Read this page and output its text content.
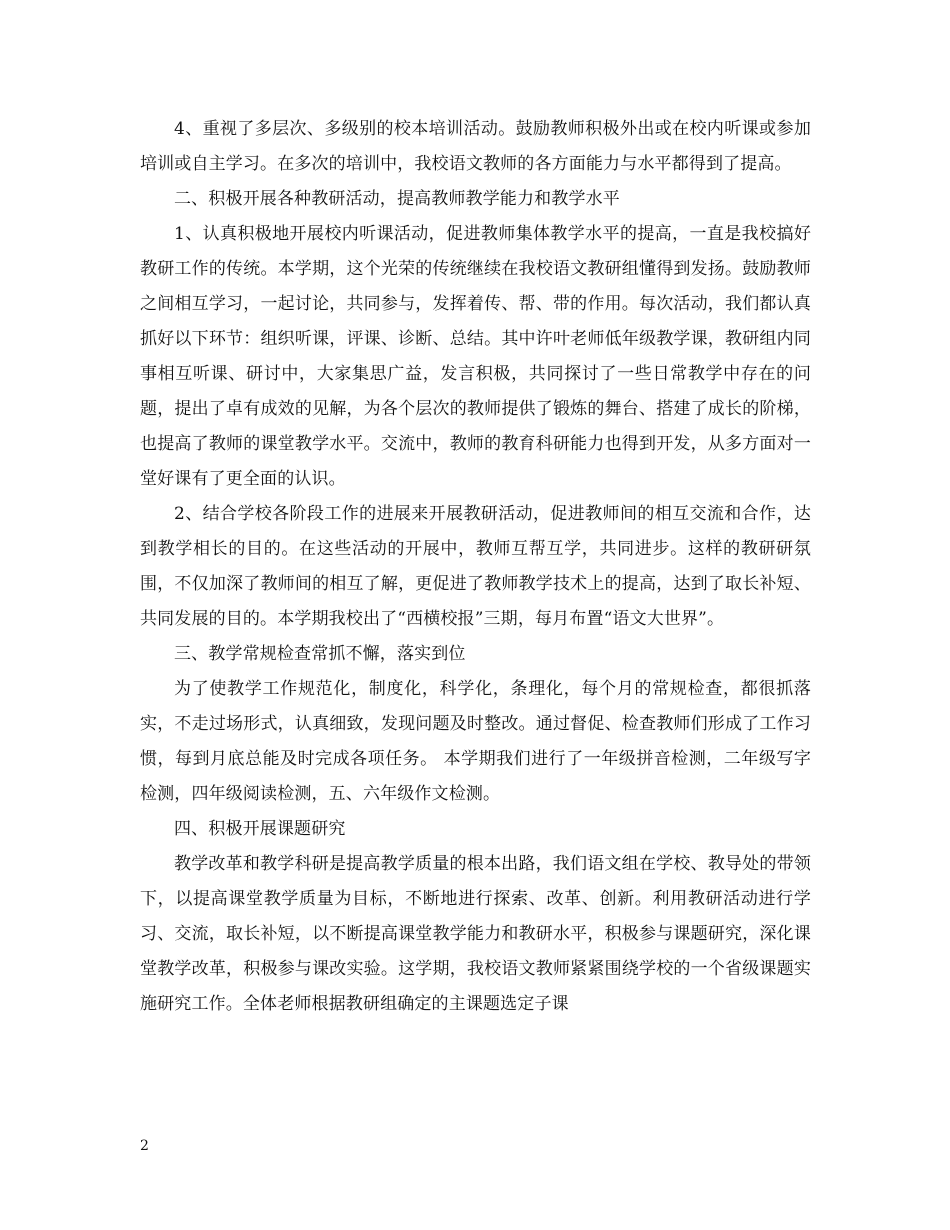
4、重视了多层次、多级别的校本培训活动。鼓励教师积极外出或在校内听课或参加培训或自主学习。在多次的培训中，我校语文教师的各方面能力与水平都得到了提高。

二、积极开展各种教研活动，提高教师教学能力和教学水平

1、认真积极地开展校内听课活动，促进教师集体教学水平的提高，一直是我校搞好教研工作的传统。本学期，这个光荣的传统继续在我校语文教研组懂得到发扬。鼓励教师之间相互学习，一起讨论，共同参与，发挥着传、帮、带的作用。每次活动，我们都认真抓好以下环节：组织听课，评课、诊断、总结。其中许叶老师低年级教学课，教研组内同事相互听课、研讨中，大家集思广益，发言积极，共同探讨了一些日常教学中存在的问题，提出了卓有成效的见解，为各个层次的教师提供了锻炼的舞台、搭建了成长的阶梯，也提高了教师的课堂教学水平。交流中，教师的教育科研能力也得到开发，从多方面对一堂好课有了更全面的认识。

2、结合学校各阶段工作的进展来开展教研活动，促进教师间的相互交流和合作，达到教学相长的目的。在这些活动的开展中，教师互帮互学，共同进步。这样的教研研氛围，不仅加深了教师间的相互了解，更促进了教师教学技术上的提高，达到了取长补短、共同发展的目的。本学期我校出了“西横校报”三期，每月布置“语文大世界”。

三、教学常规检查常抓不懈，落实到位

为了使教学工作规范化，制度化，科学化，条理化，每个月的常规检查，都很抓落实，不走过场形式，认真细致，发现问题及时整改。通过督促、检查教师们形成了工作习惯，每到月底总能及时完成各项任务。 本学期我们进行了一年级拼音检测，二年级写字检测，四年级阅读检测，五、六年级作文检测。

四、积极开展课题研究

教学改革和教学科研是提高教学质量的根本出路，我们语文组在学校、教导处的带领下，以提高课堂教学质量为目标，不断地进行探索、改革、创新。利用教研活动进行学习、交流，取长补短，以不断提高课堂教学能力和教研水平，积极参与课题研究，深化课堂教学改革，积极参与课改实验。这学期，我校语文教师紧紧围绕学校的一个省级课题实施研究工作。全体老师根据教研组确定的主课题选定子课

2
